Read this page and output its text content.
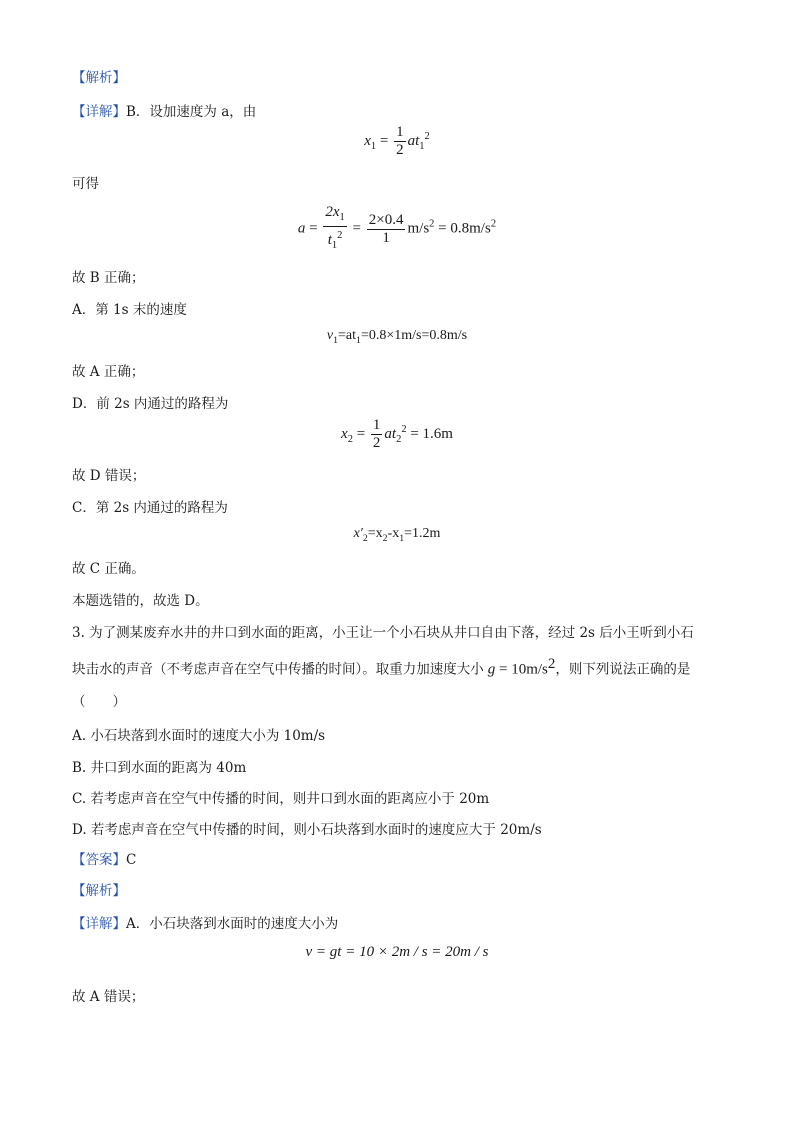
【解析】
【详解】B．设加速度为 a，由
$x_1 = \frac{1}{2} at_1^2$
可得
$a = \frac{2x_1}{t_1^2} = \frac{2\times 0.4}{1} m/s^2 = 0.8m/s^2$
故 B 正确；
A．第 1s 末的速度
$v_1=at_1=0.8\times 1m/s=0.8m/s$
故 A 正确；
D．前 2s 内通过的路程为
$x_2 = \frac{1}{2} at_2^2 = 1.6m$
故 D 错误；
C．第 2s 内通过的路程为
$x'_2=x_2-x_1=1.2m$
故 C 正确。
本题选错的，故选 D。
3. 为了测某废弃水井的井口到水面的距离，小王让一个小石块从井口自由下落，经过 2s 后小王听到小石
块击水的声音（不考虑声音在空气中传播的时间）。取重力加速度大小 $g = 10m/s^2$，则下列说法正确的是
（　　）
A. 小石块落到水面时的速度大小为 10m/s
B. 井口到水面的距离为 40m
C. 若考虑声音在空气中传播的时间，则井口到水面的距离应小于 20m
D. 若考虑声音在空气中传播的时间，则小石块落到水面时的速度应大于 20m/s
【答案】C
【解析】
【详解】A．小石块落到水面时的速度大小为
v = gt = 10 × 2m / s = 20m / s
故 A 错误；
